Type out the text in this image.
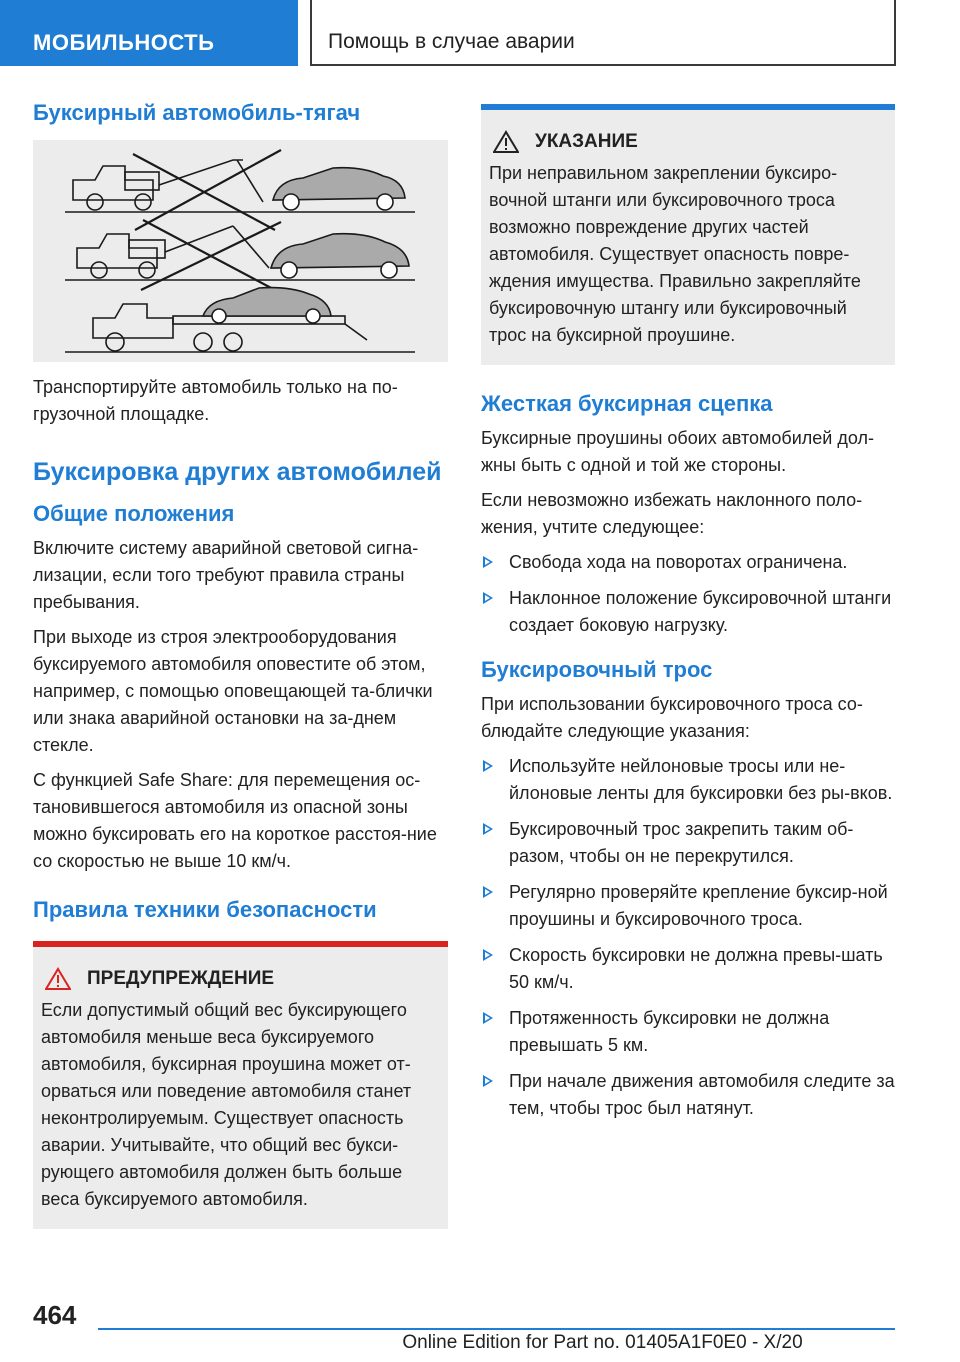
МОБИЛЬНОСТЬ	Помощь в случае аварии
Буксирный автомобиль-тягач

Транспортируйте автомобиль только на по-грузочной площадке.

Буксировка других автомобилей
Общие положения

Включите систему аварийной световой сигна-лизации, если того требуют правила страны пребывания.

При выходе из строя электрооборудования буксируемого автомобиля оповестите об этом, например, с помощью оповещающей та-блички или знака аварийной остановки на за-днем стекле.

С функцией Safe Share: для перемещения ос-тановившегося автомобиля из опасной зоны можно буксировать его на короткое расстоя-ние со скоростью не выше 10 км/ч.

Правила техники безопасности
ПРЕДУПРЕЖДЕНИЕ

Если допустимый общий вес буксирующего автомобиля меньше веса буксируемого автомобиля, буксирная проушина может от-орваться или поведение автомобиля станет неконтролируемым. Существует опасность аварии. Учитывайте, что общий вес букси-рующего автомобиля должен быть больше веса буксируемого автомобиля.

УКАЗАНИЕ

При неправильном закреплении буксиро-вочной штанги или буксировочного троса возможно повреждение других частей автомобиля. Существует опасность повре-ждения имущества. Правильно закрепляйте буксировочную штангу или буксировочный трос на буксирной проушине.

Жесткая буксирная сцепка

Буксирные проушины обоих автомобилей дол-жны быть с одной и той же стороны.

Если невозможно избежать наклонного поло-жения, учтите следующее:

Свобода хода на поворотах ограничена.
Наклонное положение буксировочной штанги создает боковую нагрузку.
Буксировочный трос

При использовании буксировочного троса со-блюдайте следующие указания:

Используйте нейлоновые тросы или не-йлоновые ленты для буксировки без ры-вков.
Буксировочный трос закрепить таким об-разом, чтобы он не перекрутился.
Регулярно проверяйте крепление буксир-ной проушины и буксировочного троса.
Скорость буксировки не должна превы-шать 50 км/ч.
Протяженность буксировки не должна превышать 5 км.
При начале движения автомобиля следите за тем, чтобы трос был натянут.
464
Online Edition for Part no. 01405A1F0E0 - X/20
